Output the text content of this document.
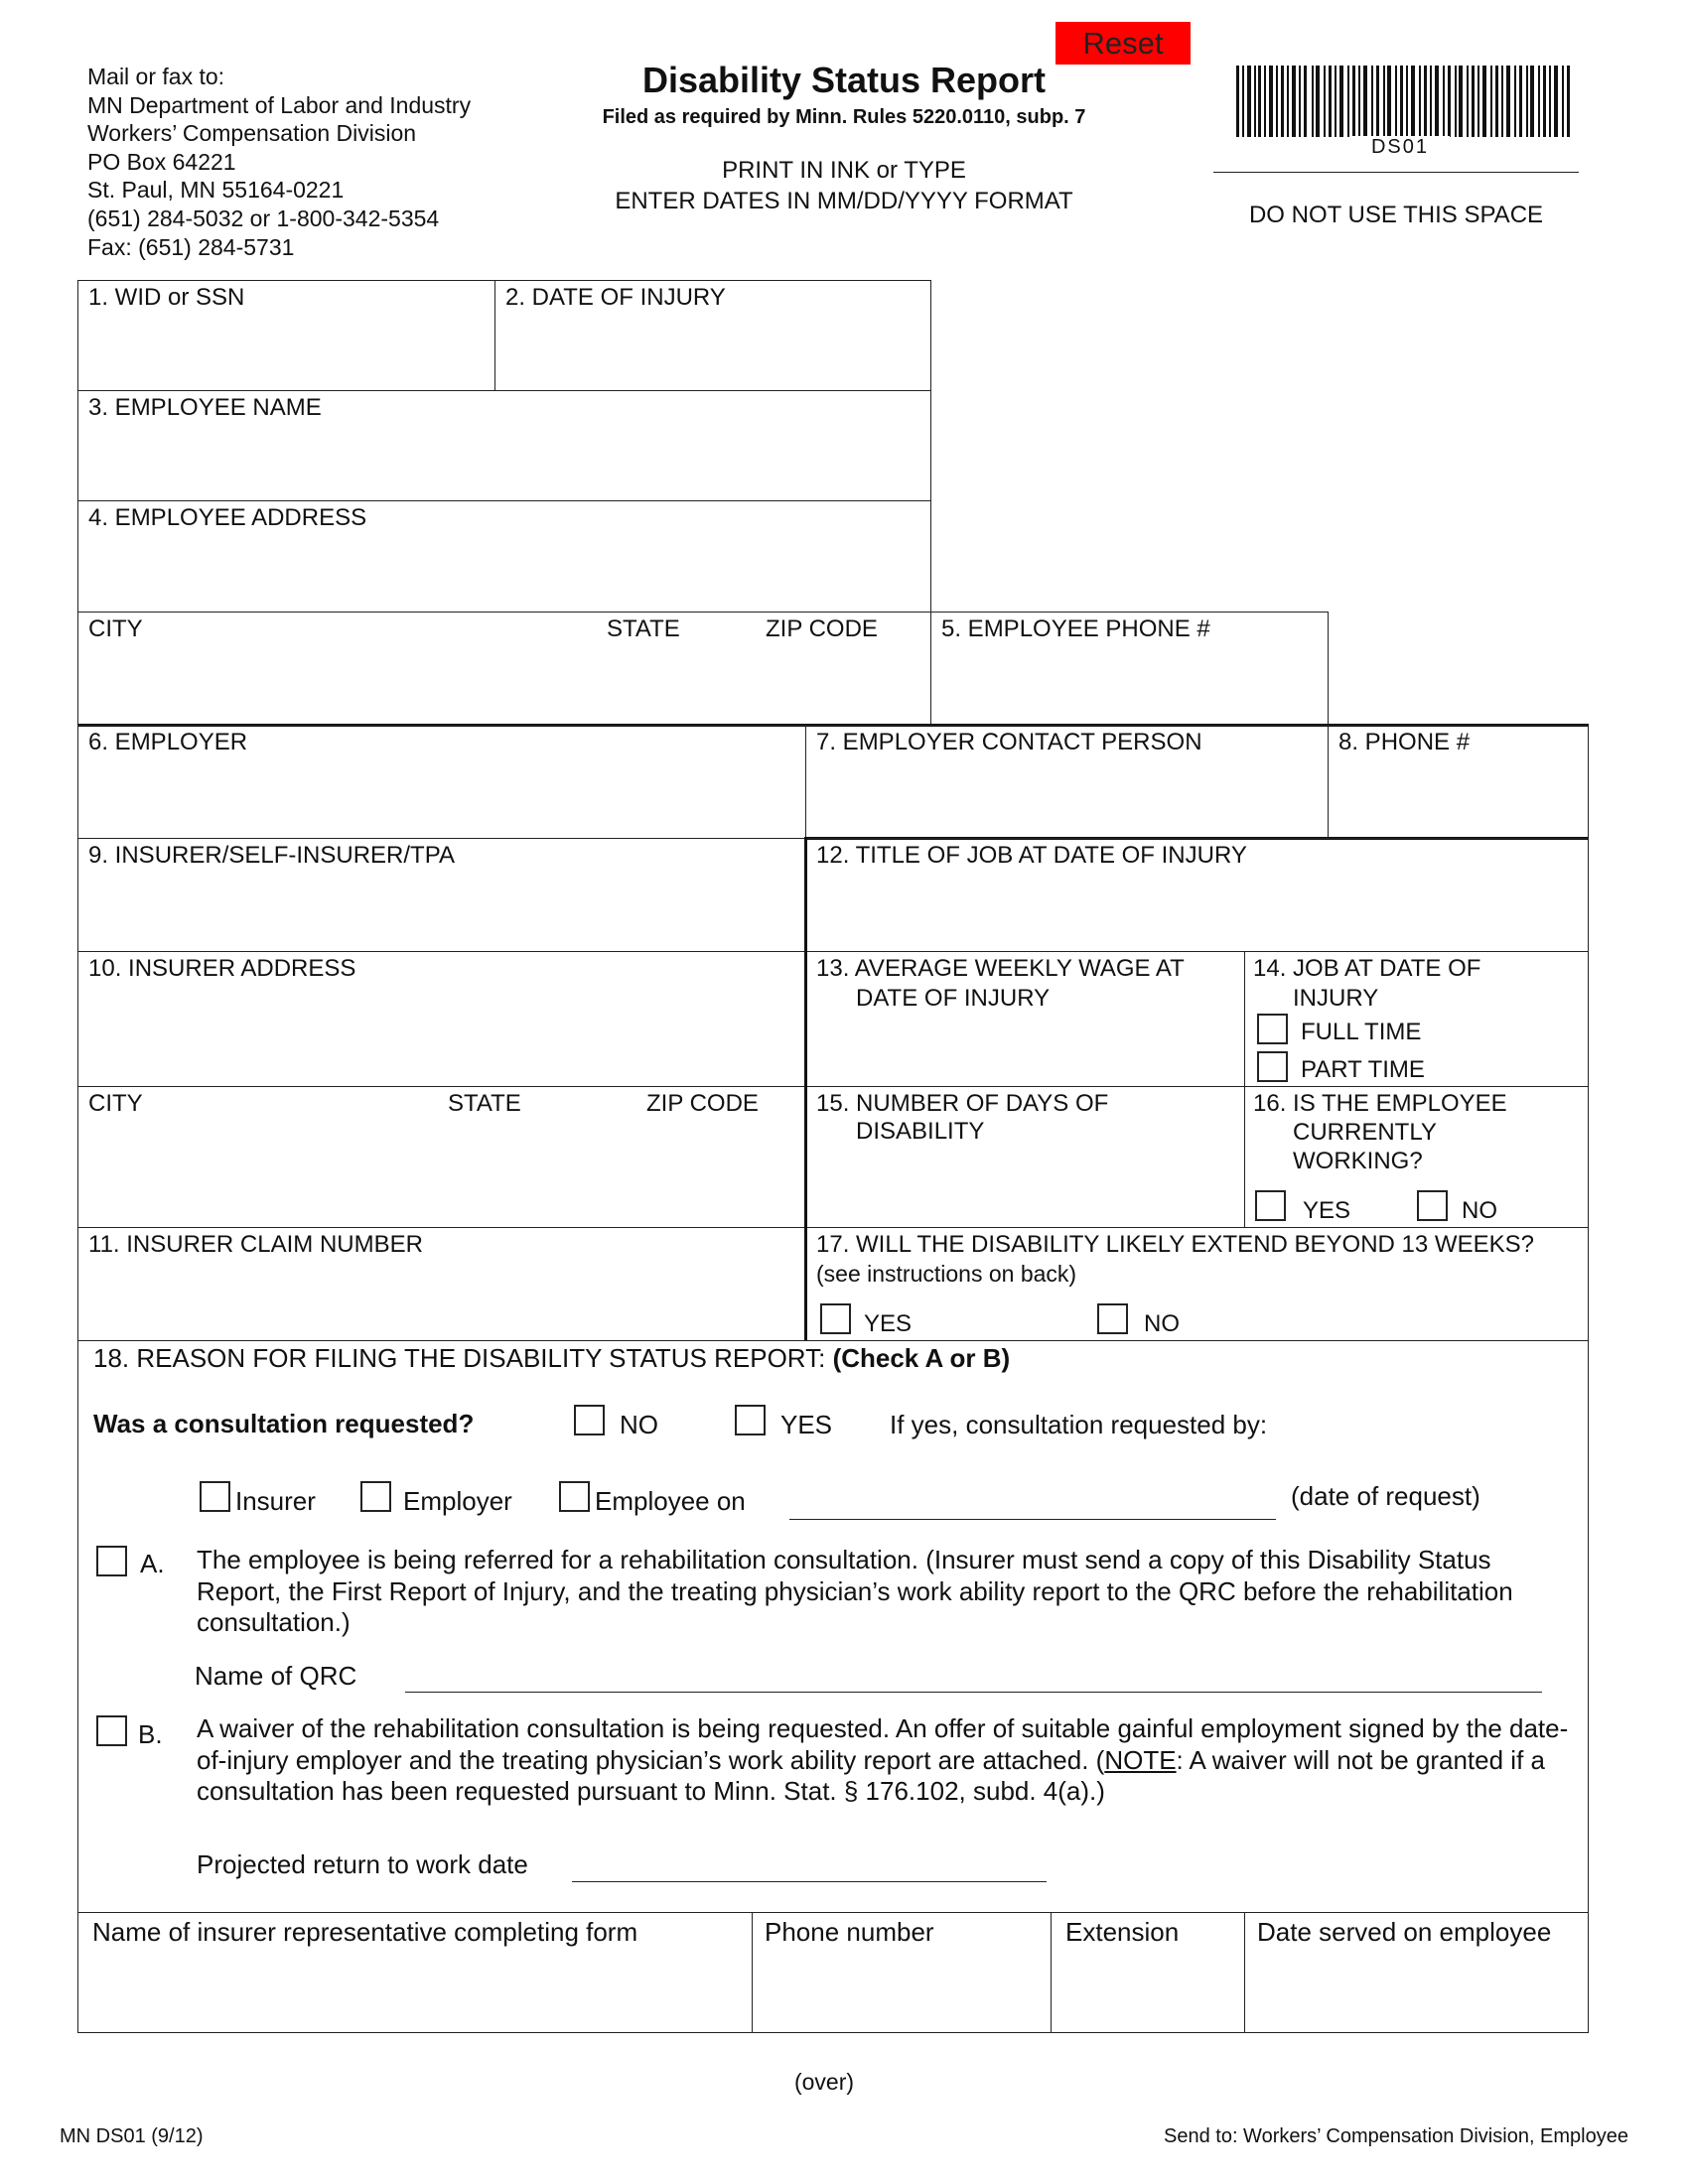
Reset
Mail or fax to:
MN Department of Labor and Industry
Workers’ Compensation Division
PO Box 64221
St. Paul, MN 55164-0221
(651) 284-5032 or 1-800-342-5354
Fax: (651) 284-5731
Disability Status Report
Filed as required by Minn. Rules 5220.0110, subp. 7
PRINT IN INK or TYPE
ENTER DATES IN MM/DD/YYYY FORMAT
DS01
DO NOT USE THIS SPACE
1. WID or SSN	2. DATE OF INJURY
3. EMPLOYEE NAME
4. EMPLOYEE ADDRESS
CITY	STATE	ZIP CODE	5. EMPLOYEE PHONE #
6. EMPLOYER	7. EMPLOYER CONTACT PERSON	8. PHONE #
9. INSURER/SELF-INSURER/TPA
10. INSURER ADDRESS
CITY	STATE	ZIP CODE
11. INSURER CLAIM NUMBER
12. TITLE OF JOB AT DATE OF INJURY
13. AVERAGE WEEKLY WAGE AT
DATE OF INJURY
14. JOB AT DATE OF
INJURY
FULL TIME
PART TIME
15. NUMBER OF DAYS OF
DISABILITY
16. IS THE EMPLOYEE
CURRENTLY
WORKING?
YES	NO
17. WILL THE DISABILITY LIKELY EXTEND BEYOND 13 WEEKS?
(see instructions on back)
YES	NO
18. REASON FOR FILING THE DISABILITY STATUS REPORT: (Check A or B)
Was a consultation requested?	NO	YES If yes, consultation requested by:
Insurer	Employer	Employee on	(date of request)
A. The employee is being referred for a rehabilitation consultation. (Insurer must send a copy of this Disability Status Report, the First Report of Injury, and the treating physician’s work ability report to the QRC before the rehabilitation consultation.)
Name of QRC
B. A waiver of the rehabilitation consultation is being requested. An offer of suitable gainful employment signed by the date-of-injury employer and the treating physician’s work ability report are attached. (NOTE: A waiver will not be granted if a consultation has been requested pursuant to Minn. Stat. § 176.102, subd. 4(a).)
Projected return to work date
Name of insurer representative completing form	Phone number	Extension	Date served on employee
(over)
MN DS01 (9/12)	Send to: Workers’ Compensation Division, Employee
